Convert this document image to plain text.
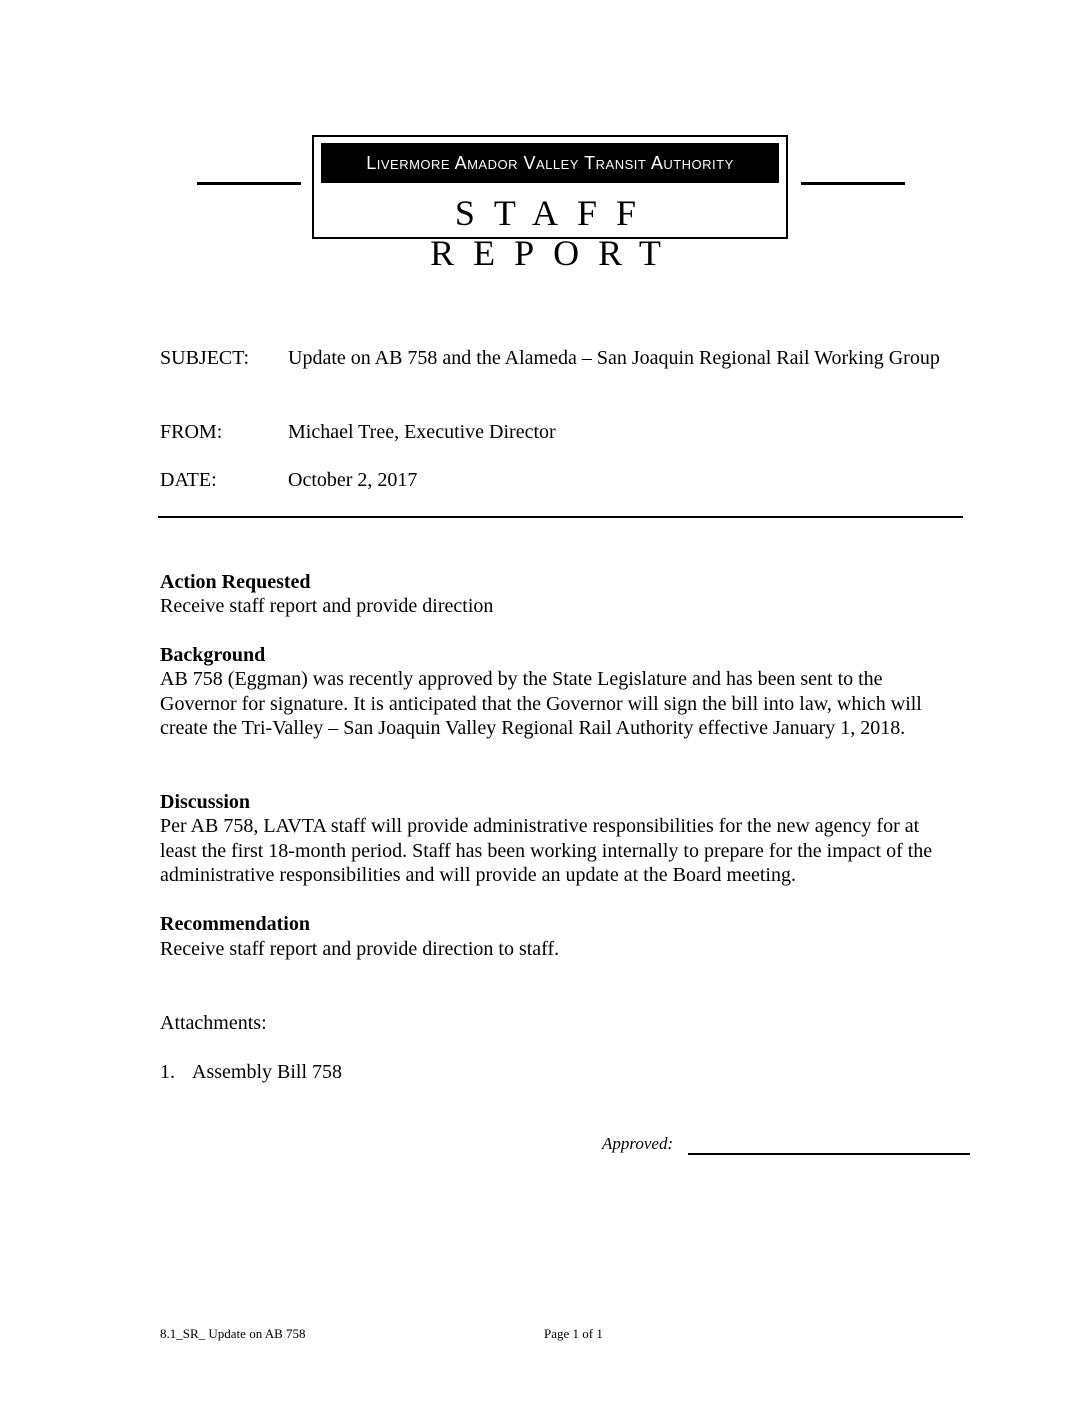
Livermore Amador Valley Transit Authority
STAFF REPORT
SUBJECT: Update on AB 758 and the Alameda – San Joaquin Regional Rail Working Group
FROM:	Michael Tree, Executive Director
DATE:	October 2, 2017
Action Requested
Receive staff report and provide direction
Background
AB 758 (Eggman) was recently approved by the State Legislature and has been sent to the Governor for signature. It is anticipated that the Governor will sign the bill into law, which will create the Tri-Valley – San Joaquin Valley Regional Rail Authority effective January 1, 2018.
Discussion
Per AB 758, LAVTA staff will provide administrative responsibilities for the new agency for at least the first 18-month period. Staff has been working internally to prepare for the impact of the administrative responsibilities and will provide an update at the Board meeting.
Recommendation
Receive staff report and provide direction to staff.
Attachments:
1. Assembly Bill 758
Approved:
8.1_SR_ Update on AB 758	Page 1 of 1
